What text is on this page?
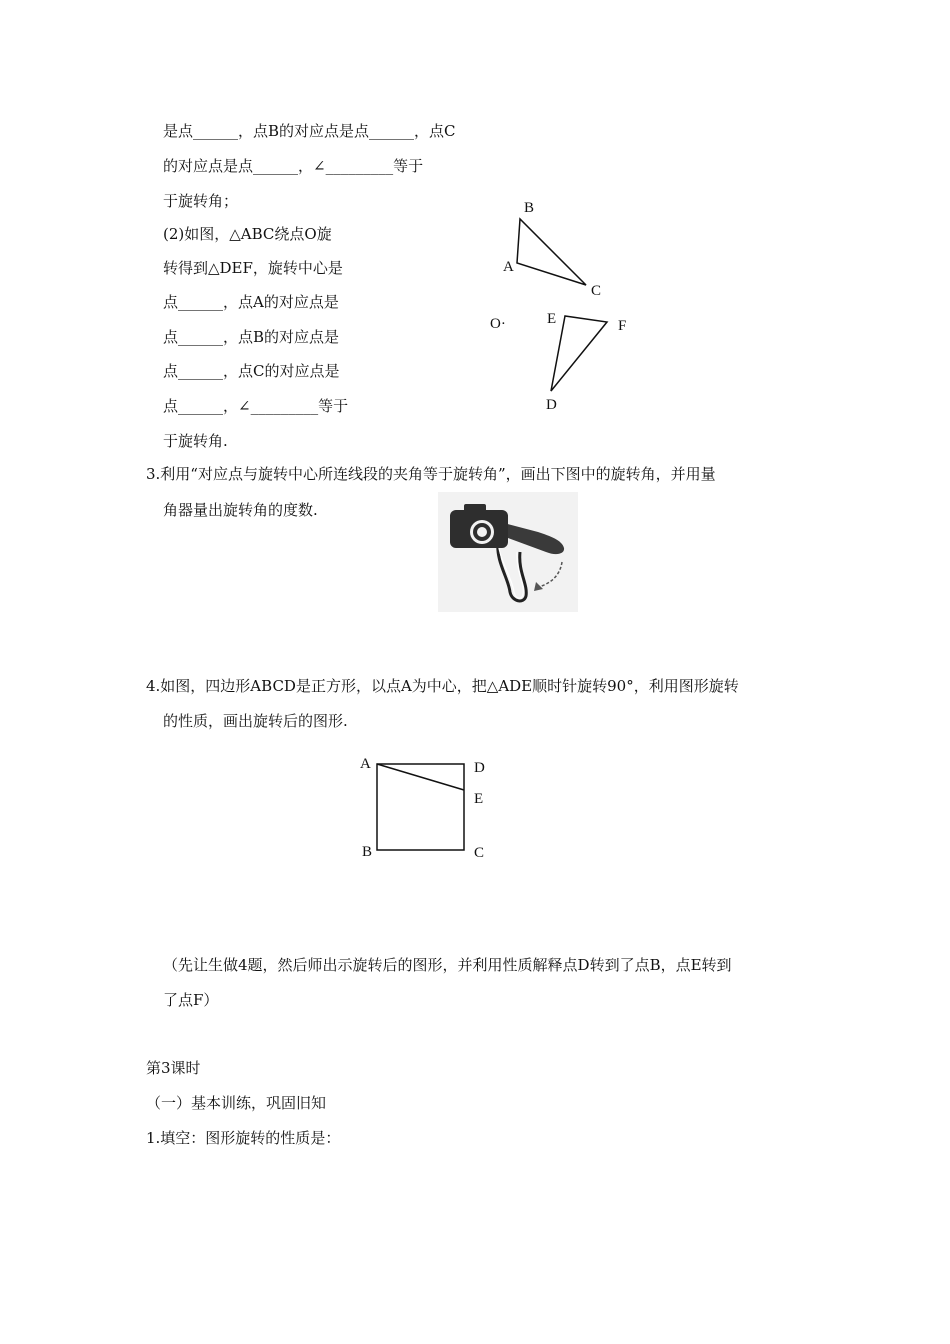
是点______，点B的对应点是点______，点C
的对应点是点______，∠_________等于
于旋转角；
(2)如图，△ABC绕点O旋
转得到△DEF，旋转中心是
点______，点A的对应点是
点______，点B的对应点是
点______，点C的对应点是
点______，∠_________等于
于旋转角.
B
A
C
O·	E	F
D
3.利用“对应点与旋转中心所连线段的夹角等于旋转角”，画出下图中的旋转角，并用量
角器量出旋转角的度数.
4.如图，四边形ABCD是正方形，以点A为中心，把△ADE顺时针旋转90°，利用图形旋转
的性质，画出旋转后的图形.
A	D
E
B	C
（先让生做4题，然后师出示旋转后的图形，并利用性质解释点D转到了点B，点E转到
了点F）
第3课时
（一）基本训练，巩固旧知
1.填空：图形旋转的性质是：
